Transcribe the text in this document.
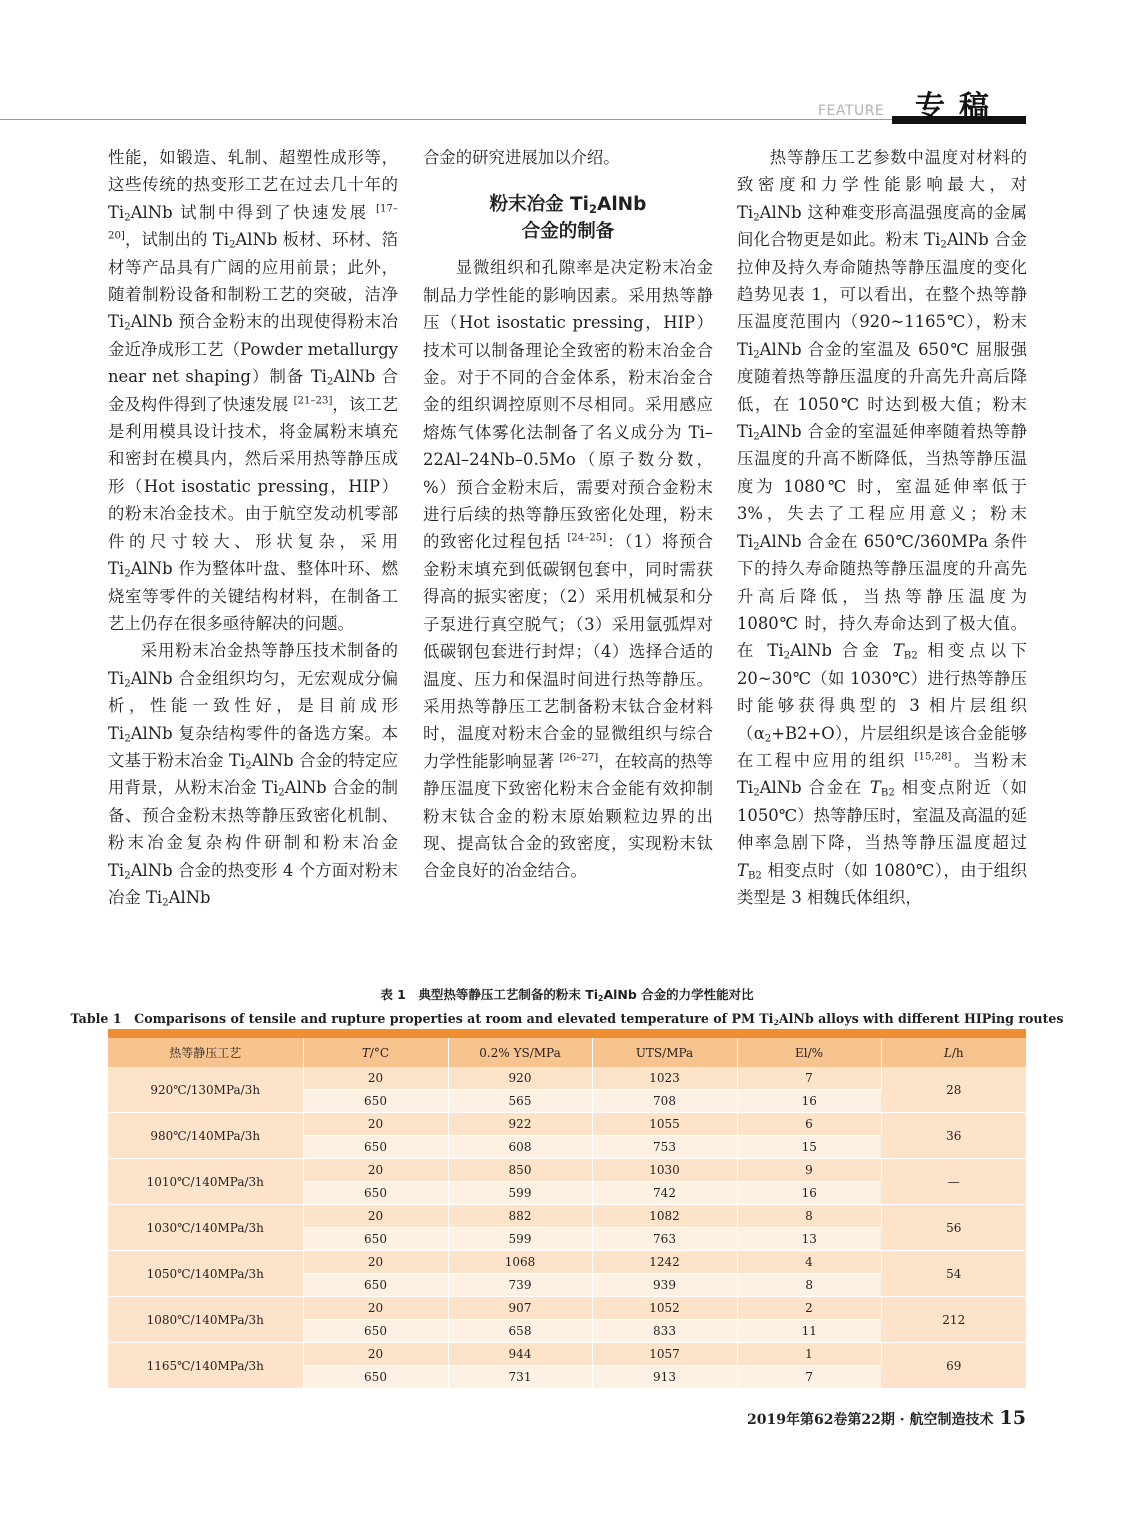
FEATURE 专稿

性能，如锻造、轧制、超塑性成形等，这些传统的热变形工艺在过去几十年的 $Ti_2AlNb$ 试制中得到了快速发展 [17–20]，试制出的 $Ti_2AlNb$ 板材、环材、箔材等产品具有广阔的应用前景；此外，随着制粉设备和制粉工艺的突破，洁净 $Ti_2AlNb$ 预合金粉末的出现使得粉末冶金近净成形工艺（Powder metallurgy near net shaping）制备 $Ti_2AlNb$ 合金及构件得到了快速发展 [21–23]，该工艺是利用模具设计技术，将金属粉末填充和密封在模具内，然后采用热等静压成形（Hot isostatic pressing，HIP）的粉末冶金技术。由于航空发动机零部件的尺寸较大、形状复杂，采用 $Ti_2AlNb$ 作为整体叶盘、整体叶环、燃烧室等零件的关键结构材料，在制备工艺上仍存在很多亟待解决的问题。

采用粉末冶金热等静压技术制备的 $Ti_2AlNb$ 合金组织均匀，无宏观成分偏析，性能一致性好，是目前成形 $Ti_2AlNb$ 复杂结构零件的备选方案。本文基于粉末冶金 $Ti_2AlNb$ 合金的特定应用背景，从粉末冶金 $Ti_2AlNb$ 合金的制备、预合金粉末热等静压致密化机制、粉末冶金复杂构件研制和粉末冶金 $Ti_2AlNb$ 合金的热变形 4 个方面对粉末冶金 $Ti_2AlNb$

合金的研究进展加以介绍。

粉末冶金 $Ti_2AlNb$
合金的制备

显微组织和孔隙率是决定粉末冶金制品力学性能的影响因素。采用热等静压（Hot isostatic pressing，HIP）技术可以制备理论全致密的粉末冶金合金。对于不同的合金体系，粉末冶金合金的组织调控原则不尽相同。采用感应熔炼气体雾化法制备了名义成分为 Ti–22Al–24Nb–0.5Mo（原子数分数，%）预合金粉末后，需要对预合金粉末进行后续的热等静压致密化处理，粉末的致密化过程包括 [24–25]：（1）将预合金粉末填充到低碳钢包套中，同时需获得高的振实密度；（2）采用机械泵和分子泵进行真空脱气；（3）采用氩弧焊对低碳钢包套进行封焊；（4）选择合适的温度、压力和保温时间进行热等静压。采用热等静压工艺制备粉末钛合金材料时，温度对粉末合金的显微组织与综合力学性能影响显著 [26–27]，在较高的热等静压温度下致密化粉末合金能有效抑制粉末钛合金的粉末原始颗粒边界的出现、提高钛合金的致密度，实现粉末钛合金良好的冶金结合。

热等静压工艺参数中温度对材料的致密度和力学性能影响最大，对 $Ti_2AlNb$ 这种难变形高温强度高的金属间化合物更是如此。粉末 $Ti_2AlNb$ 合金拉伸及持久寿命随热等静压温度的变化趋势见表 1，可以看出，在整个热等静压温度范围内（920~1165℃），粉末 $Ti_2AlNb$ 合金的室温及 650℃ 屈服强度随着热等静压温度的升高先升高后降低，在 1050℃ 时达到极大值；粉末 $Ti_2AlNb$ 合金的室温延伸率随着热等静压温度的升高不断降低，当热等静压温度为 1080℃ 时，室温延伸率低于 3%，失去了工程应用意义；粉末 $Ti_2AlNb$ 合金在 650℃/360MPa 条件下的持久寿命随热等静压温度的升高先升高后降低，当热等静压温度为 1080℃ 时，持久寿命达到了极大值。在 $Ti_2AlNb$ 合金 $T_{B2}$ 相变点以下 20~30℃（如 1030℃）进行热等静压时能够获得典型的 3 相片层组织$(\alpha_2+B2+O)$，片层组织是该合金能够在工程中应用的组织 [15,28]。当粉末 $Ti_2AlNb$ 合金在 $T_{B2}$ 相变点附近（如 1050℃）热等静压时，室温及高温的延伸率急剧下降，当热等静压温度超过 $T_{B2}$ 相变点时（如 1080℃），由于组织类型是 3 相魏氏体组织，

表 1　典型热等静压工艺制备的粉末 $Ti_2AlNb$ 合金的力学性能对比
Table 1　Comparisons of tensile and rupture properties at room and elevated temperature of PM $Ti_2AlNb$ alloys with different HIPing routes
热等静压工艺	T/°C	0.2% YS/MPa	UTS/MPa	El/%	L/h
920℃/130MPa/3h	20	920	1023	7	28
	650	565	708	16	
980℃/140MPa/3h	20	922	1055	6	36
	650	608	753	15	
1010℃/140MPa/3h	20	850	1030	9	—
	650	599	742	16	
1030℃/140MPa/3h	20	882	1082	8	56
	650	599	763	13	
1050℃/140MPa/3h	20	1068	1242	4	54
	650	739	939	8	
1080℃/140MPa/3h	20	907	1052	2	212
	650	658	833	11	
1165℃/140MPa/3h	20	944	1057	1	69
	650	731	913	7	
2019年第62卷第22期 · 航空制造技术 15
